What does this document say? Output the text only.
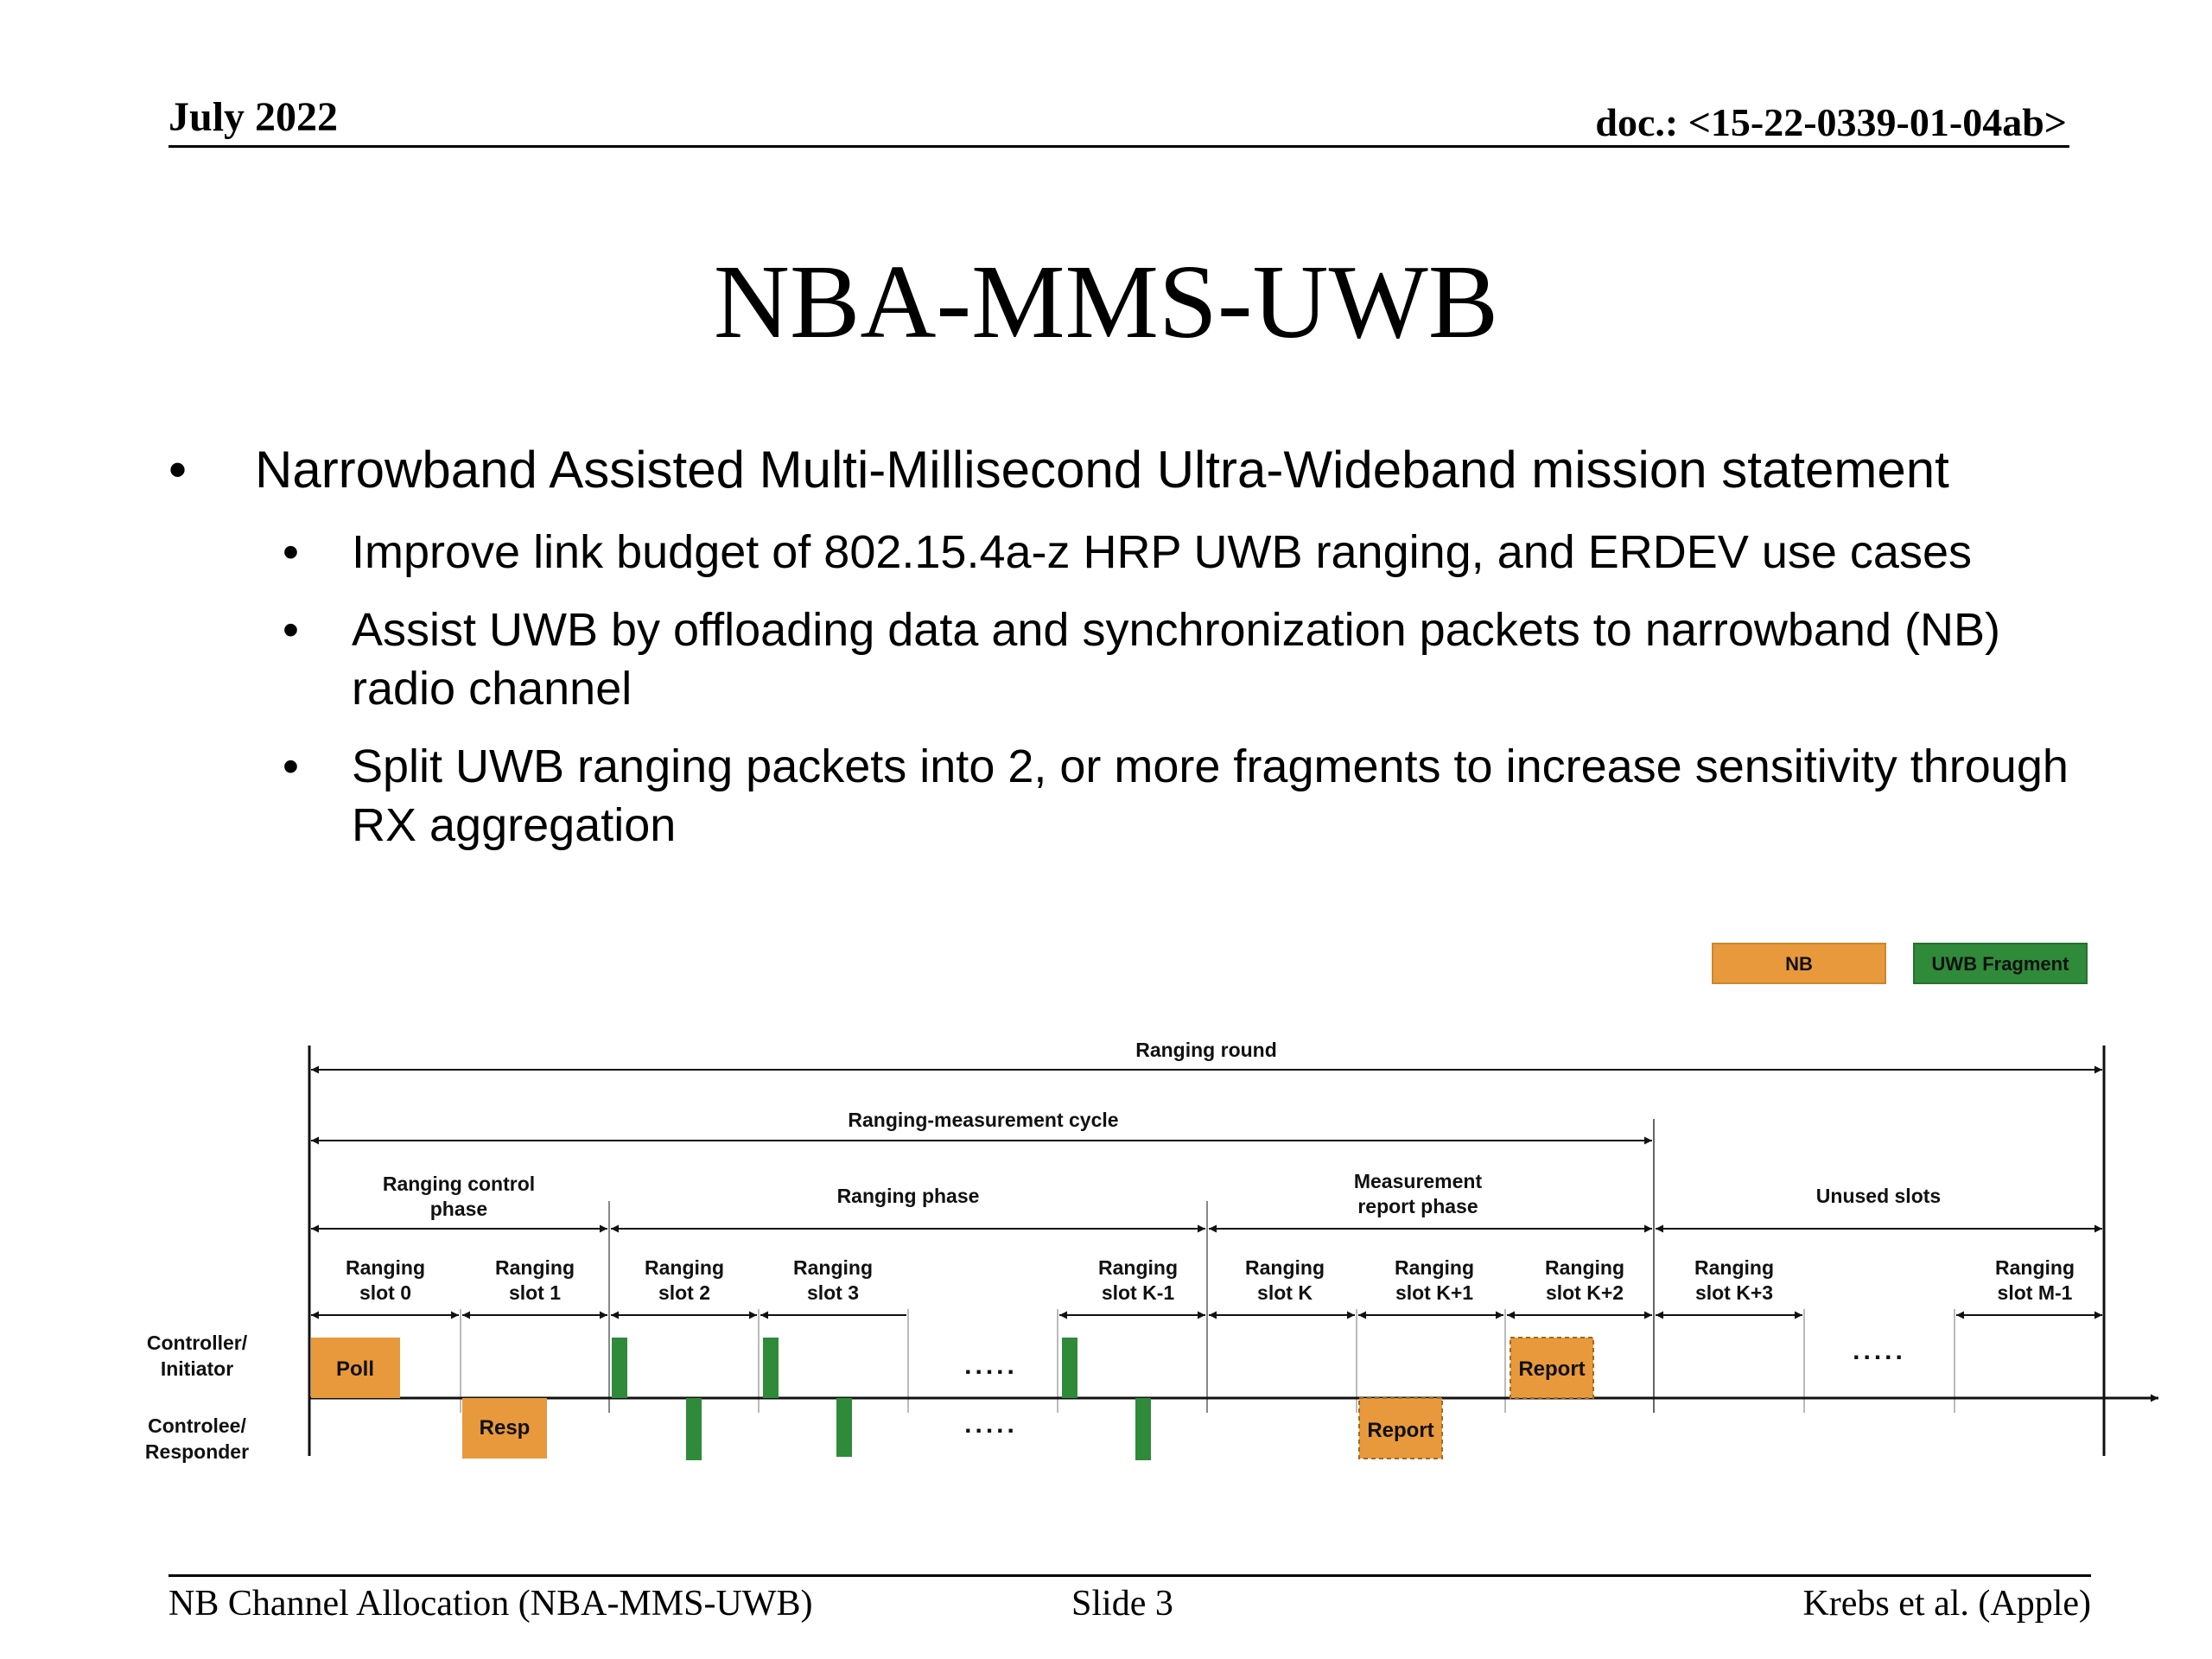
July 2022	doc.: <15-22-0339-01-04ab>
NBA-MMS-UWB
• Narrowband Assisted Multi-Millisecond Ultra-Wideband mission statement
• Improve link budget of 802.15.4a-z HRP UWB ranging, and ERDEV use cases
• Assist UWB by offloading data and synchronization packets to narrowband (NB) radio channel
• Split UWB ranging packets into 2, or more fragments to increase sensitivity through RX aggregation
NB	UWB Fragment
Ranging round
Ranging-measurement cycle
Ranging control
phase
Ranging phase
Measurement
report phase	Unused slots
Ranging
slot 0
Ranging
slot 1
Ranging
slot 2
Ranging
slot 3
Ranging
slot K-1
Ranging
slot K
Ranging
slot K+1
Ranging
slot K+2
Ranging
slot K+3
Ranging
slot M-1
Controller/
Initiator
Controlee/
Responder
Poll
Resp
Report
Report
.....
.....
.....
NB Channel Allocation (NBA-MMS-UWB)	Slide 3	Krebs et al. (Apple)
